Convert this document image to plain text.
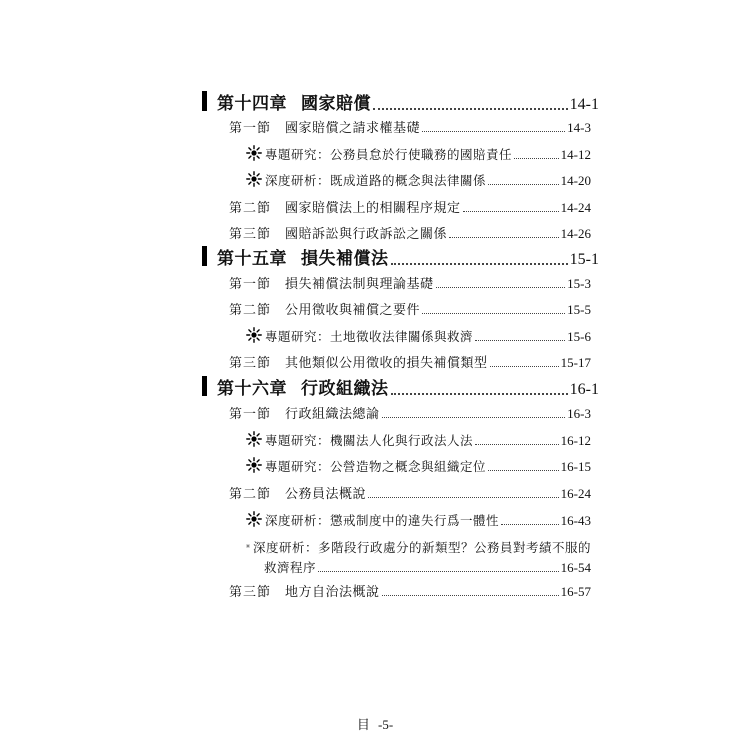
第十四章 國家賠償	14-1
第一節 國家賠償之請求權基礎	14-3
專題研究： 公務員怠於行使職務的國賠責任	14-12
深度研析： 既成道路的概念與法律關係	14-20
第二節 國家賠償法上的相關程序規定	14-24
第三節 國賠訴訟與行政訴訟之關係	14-26
第十五章 損失補償法	15-1
第一節 損失補償法制與理論基礎	15-3
第二節 公用徵收與補償之要件	15-5
專題研究： 土地徵收法律關係與救濟	15-6
第三節 其他類似公用徵收的損失補償類型	15-17
第十六章 行政組織法	16-1
第一節 行政組織法總論	16-3
專題研究： 機關法人化與行政法人法	16-12
專題研究： 公營造物之概念與組織定位	16-15
第二節 公務員法概說	16-24
深度研析： 懲戒制度中的違失行爲一體性	16-43
深度研析： 多階段行政處分的新類型？公務員對考績不服的
救濟程序	16-54
第三節 地方自治法概說	16-57
目 -5-
